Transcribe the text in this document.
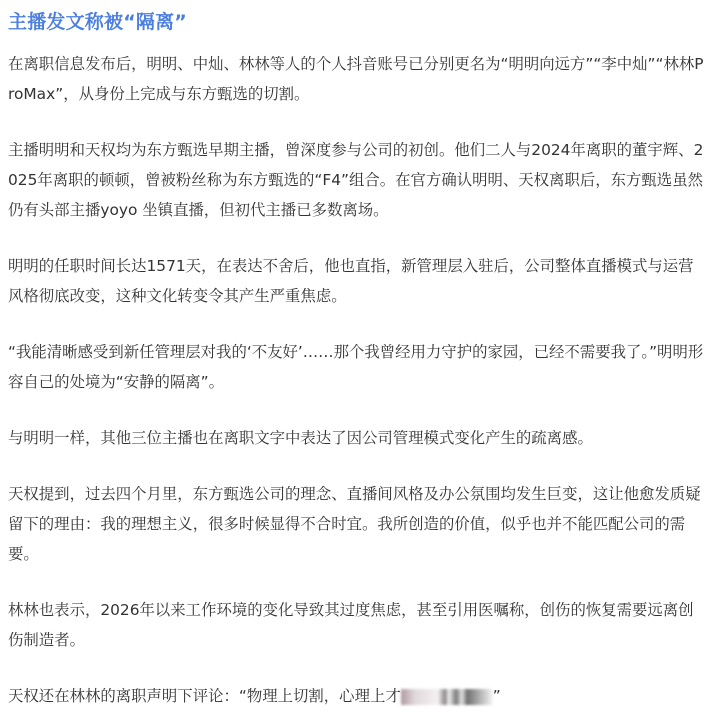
主播发文称被“隔离”

在离职信息发布后，明明、中灿、林林等人的个人抖音账号已分别更名为“明明向远方”“李中灿”“林林ProMax”，从身份上完成与东方甄选的切割。

主播明明和天权均为东方甄选早期主播，曾深度参与公司的初创。他们二人与2024年离职的董宇辉、2025年离职的顿顿，曾被粉丝称为东方甄选的“F4”组合。在官方确认明明、天权离职后，东方甄选虽然仍有头部主播yoyo 坐镇直播，但初代主播已多数离场。

明明的任职时间长达1571天，在表达不舍后，他也直指，新管理层入驻后，公司整体直播模式与运营风格彻底改变，这种文化转变令其产生严重焦虑。

“我能清晰感受到新任管理层对我的‘不友好’……那个我曾经用力守护的家园，已经不需要我了。”明明形容自己的处境为“安静的隔离”。

与明明一样，其他三位主播也在离职文字中表达了因公司管理模式变化产生的疏离感。

天权提到，过去四个月里，东方甄选公司的理念、直播间风格及办公氛围均发生巨变，这让他愈发质疑留下的理由：我的理想主义，很多时候显得不合时宜。我所创造的价值，似乎也并不能匹配公司的需要。

林林也表示，2026年以来工作环境的变化导致其过度焦虑，甚至引用医嘱称，创伤的恢复需要远离创伤制造者。

天权还在林林的离职声明下评论：“物理上切割，心理上才	”
